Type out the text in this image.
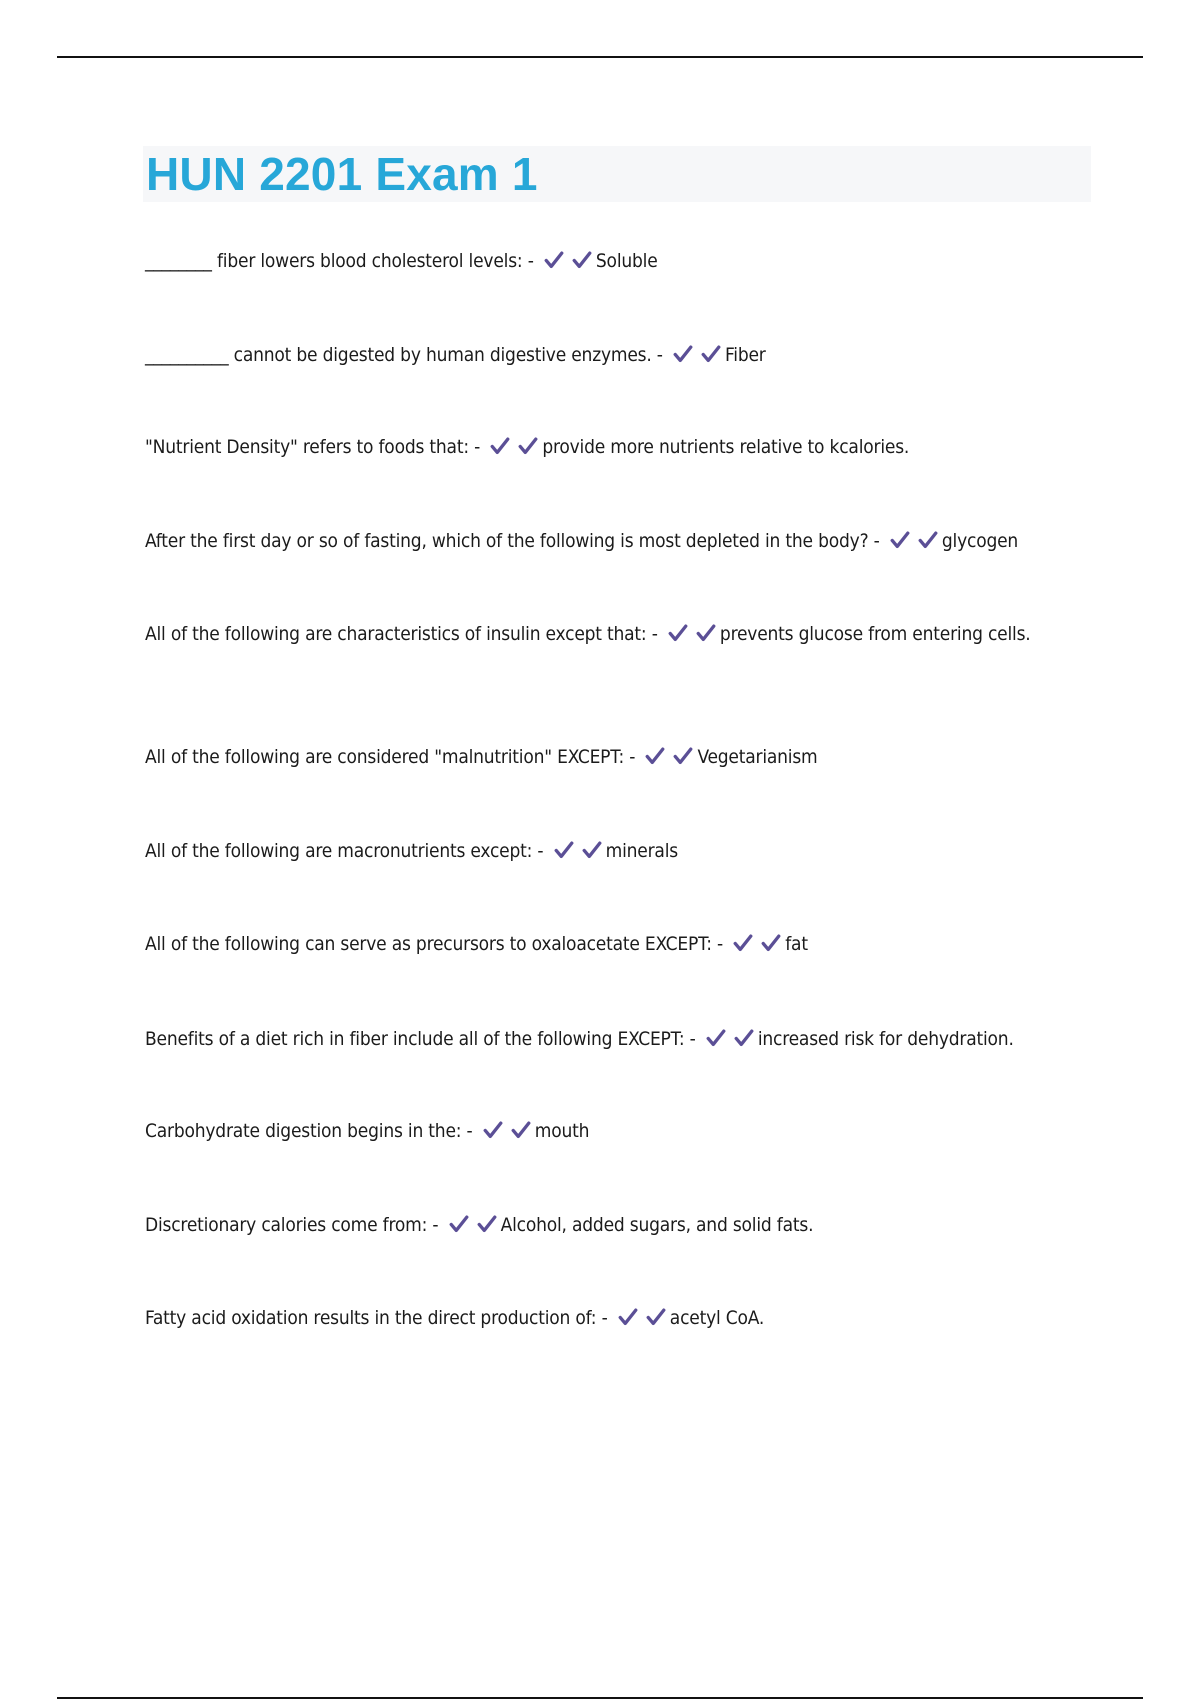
HUN 2201 Exam 1
________ fiber lowers blood cholesterol levels: -	Soluble
__________ cannot be digested by human digestive enzymes. -	Fiber
"Nutrient Density" refers to foods that: -	provide more nutrients relative to kcalories.
After the first day or so of fasting, which of the following is most depleted in the body? -	glycogen
All of the following are characteristics of insulin except that: -	prevents glucose from entering cells.
All of the following are considered "malnutrition" EXCEPT: -	Vegetarianism
All of the following are macronutrients except: -	minerals
All of the following can serve as precursors to oxaloacetate EXCEPT: -	fat
Benefits of a diet rich in fiber include all of the following EXCEPT: -	increased risk for dehydration.
Carbohydrate digestion begins in the: -	mouth
Discretionary calories come from: -	Alcohol, added sugars, and solid fats.
Fatty acid oxidation results in the direct production of: -	acetyl CoA.
